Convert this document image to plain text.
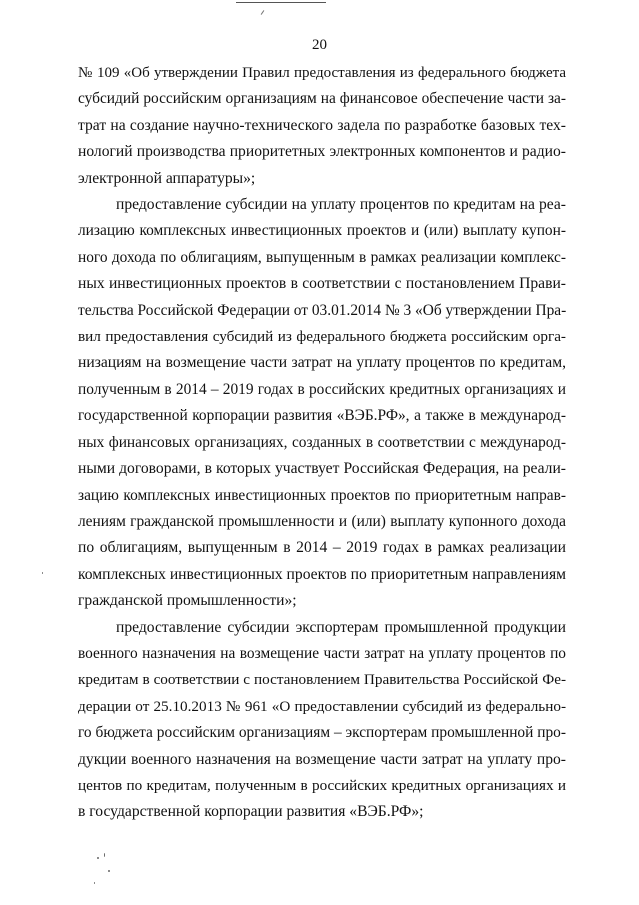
20

№ 109 «Об утверждении Правил предоставления из федерального бюджета
субсидий российским организациям на финансовое обеспечение части за-
трат на создание научно-технического задела по разработке базовых тех-
нологий производства приоритетных электронных компонентов и радио-
электронной аппаратуры»;

предоставление субсидии на уплату процентов по кредитам на реа-
лизацию комплексных инвестиционных проектов и (или) выплату купон-
ного дохода по облигациям, выпущенным в рамках реализации комплекс-
ных инвестиционных проектов в соответствии с постановлением Прави-
тельства Российской Федерации от 03.01.2014 № 3 «Об утверждении Пра-
вил предоставления субсидий из федерального бюджета российским орга-
низациям на возмещение части затрат на уплату процентов по кредитам,
полученным в 2014 – 2019 годах в российских кредитных организациях и
государственной корпорации развития «ВЭБ.РФ», а также в международ-
ных финансовых организациях, созданных в соответствии с международ-
ными договорами, в которых участвует Российская Федерация, на реали-
зацию комплексных инвестиционных проектов по приоритетным направ-
лениям гражданской промышленности и (или) выплату купонного дохода
по облигациям, выпущенным в 2014 – 2019 годах в рамках реализации
комплексных инвестиционных проектов по приоритетным направлениям
гражданской промышленности»;

предоставление субсидии экспортерам промышленной продукции
военного назначения на возмещение части затрат на уплату процентов по
кредитам в соответствии с постановлением Правительства Российской Фе-
дерации от 25.10.2013 № 961 «О предоставлении субсидий из федерально-
го бюджета российским организациям – экспортерам промышленной про-
дукции военного назначения на возмещение части затрат на уплату про-
центов по кредитам, полученным в российских кредитных организациях и
в государственной корпорации развития «ВЭБ.РФ»;
